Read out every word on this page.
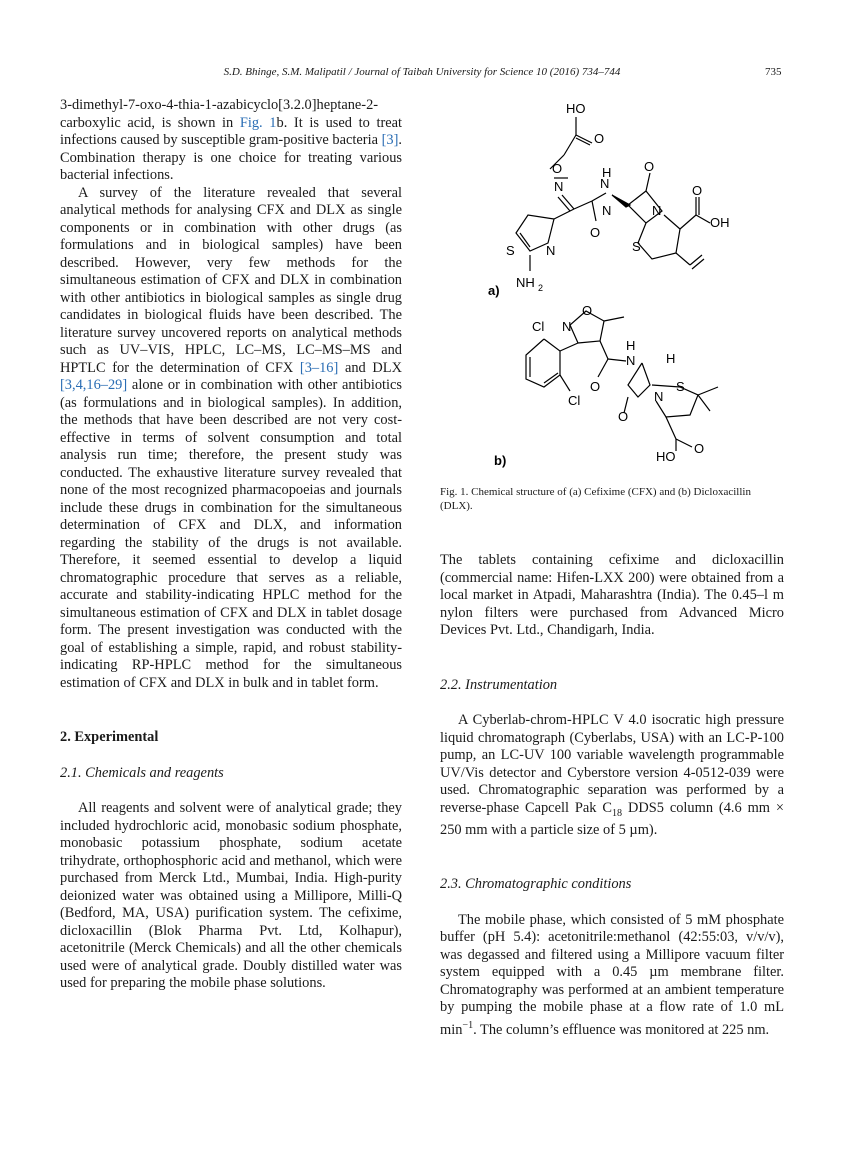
S.D. Bhinge, S.M. Malipatil / Journal of Taibah University for Science 10 (2016) 734–744	735

3-dimethyl-7-oxo-4-thia-1-azabicyclo[3.2.0]heptane-2-carboxylic acid, is shown in Fig. 1b. It is used to treat infections caused by susceptible gram-positive bacteria [3]. Combination therapy is one choice for treating various bacterial infections.

A survey of the literature revealed that several analytical methods for analysing CFX and DLX as single components or in combination with other drugs (as formulations and in biological samples) have been described. However, very few methods for the simultaneous estimation of CFX and DLX in combination with other antibiotics in biological samples as single drug candidates in biological fluids have been described. The literature survey uncovered reports on analytical methods such as UV–VIS, HPLC, LC–MS, LC–MS–MS and HPTLC for the determination of CFX [3–16] and DLX [3,4,16–29] alone or in combination with other antibiotics (as formulations and in biological samples). In addition, the methods that have been described are not very cost-effective in terms of solvent consumption and total analysis run time; therefore, the present study was conducted. The exhaustive literature survey revealed that none of the most recognized pharmacopoeias and journals include these drugs in combination for the simultaneous determination of CFX and DLX, and information regarding the stability of the drugs is not available. Therefore, it seemed essential to develop a liquid chromatographic procedure that serves as a reliable, accurate and stability-indicating HPLC method for the simultaneous estimation of CFX and DLX in tablet dosage form. The present investigation was conducted with the goal of establishing a simple, rapid, and robust stability-indicating RP-HPLC method for the simultaneous estimation of CFX and DLX in bulk and in tablet form.

2. Experimental
2.1. Chemicals and reagents

All reagents and solvent were of analytical grade; they included hydrochloric acid, monobasic sodium phosphate, monobasic potassium phosphate, sodium acetate trihydrate, orthophosphoric acid and methanol, which were purchased from Merck Ltd., Mumbai, India. High-purity deionized water was obtained using a Millipore, Milli-Q (Bedford, MA, USA) purification system. The cefixime, dicloxacillin (Blok Pharma Pvt. Ltd, Kolhapur), acetonitrile (Merck Chemicals) and all the other chemicals used were of analytical grade. Doubly distilled water was used for preparing the mobile phase solutions.

HO
O
O
N
O
N
H
N
S N
NH 2
O
N
S
O
OH
a)
Cl
Cl
N
O
O
H
N
O
H
N
S
O
HO
b)
Fig. 1. Chemical structure of (a) Cefixime (CFX) and (b) Dicloxacillin (DLX).

The tablets containing cefixime and dicloxacillin (commercial name: Hifen-LXX 200) were obtained from a local market in Atpadi, Maharashtra (India). The 0.45–l m nylon filters were purchased from Advanced Micro Devices Pvt. Ltd., Chandigarh, India.

2.2. Instrumentation

A Cyberlab-chrom-HPLC V 4.0 isocratic high pressure liquid chromatograph (Cyberlabs, USA) with an LC-P-100 pump, an LC-UV 100 variable wavelength programmable UV/Vis detector and Cyberstore version 4-0512-039 were used. Chromatographic separation was performed by a reverse-phase Capcell Pak $C_{18}$ DDS5 column (4.6 mm × 250 mm with a particle size of 5 µm).

2.3. Chromatographic conditions

The mobile phase, which consisted of 5 mM phosphate buffer (pH 5.4): acetonitrile:methanol (42:55:03, v/v/v), was degassed and filtered using a Millipore vacuum filter system equipped with a 0.45 µm membrane filter. Chromatography was performed at an ambient temperature by pumping the mobile phase at a flow rate of 1.0 mL $\min^{-1}$. The column’s effluence was monitored at 225 nm.
